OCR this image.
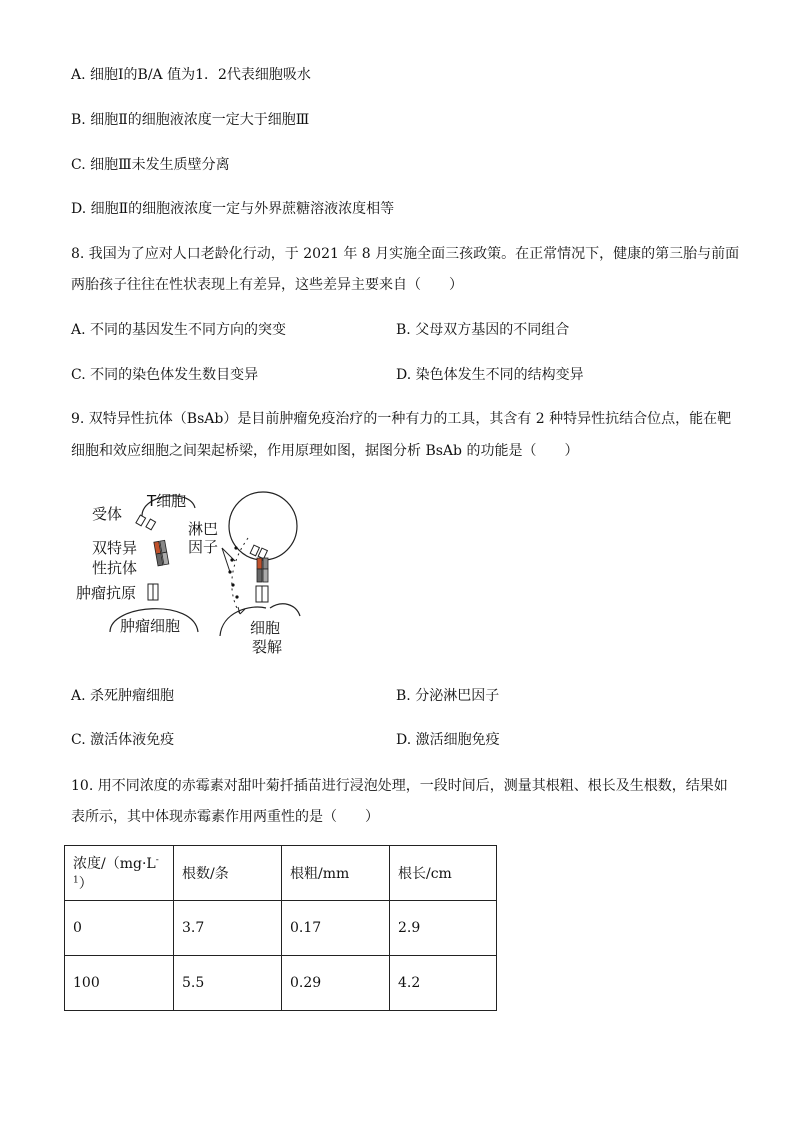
A. 细胞Ⅰ的B/A 值为1．2代表细胞吸水
B. 细胞Ⅱ的细胞液浓度一定大于细胞Ⅲ
C. 细胞Ⅲ未发生质壁分离
D. 细胞Ⅱ的细胞液浓度一定与外界蔗糖溶液浓度相等
8. 我国为了应对人口老龄化行动，于 2021 年 8 月实施全面三孩政策。在正常情况下，健康的第三胎与前面
两胎孩子往往在性状表现上有差异，这些差异主要来自（　　）
A. 不同的基因发生不同方向的突变	B. 父母双方基因的不同组合
C. 不同的染色体发生数目变异	D. 染色体发生不同的结构变异
9. 双特异性抗体（BsAb）是目前肿瘤免疫治疗的一种有力的工具，其含有 2 种特异性抗结合位点，能在靶
细胞和效应细胞之间架起桥梁，作用原理如图，据图分析 BsAb 的功能是（　　）
T细胞
受体
双特异
性抗体
肿瘤抗原
肿瘤细胞
淋巴
因子
细胞
裂解
A. 杀死肿瘤细胞	B. 分泌淋巴因子
C. 激活体液免疫	D. 激活细胞免疫
10. 用不同浓度的赤霉素对甜叶菊扦插苗进行浸泡处理，一段时间后，测量其根粗、根长及生根数，结果如
表所示，其中体现赤霉素作用两重性的是（　　）
浓度$/(mg\cdot L^{-1})$	根数/条	根粗/mm	根长/cm
0	3.7	0.17	2.9
100	5.5	0.29	4.2
